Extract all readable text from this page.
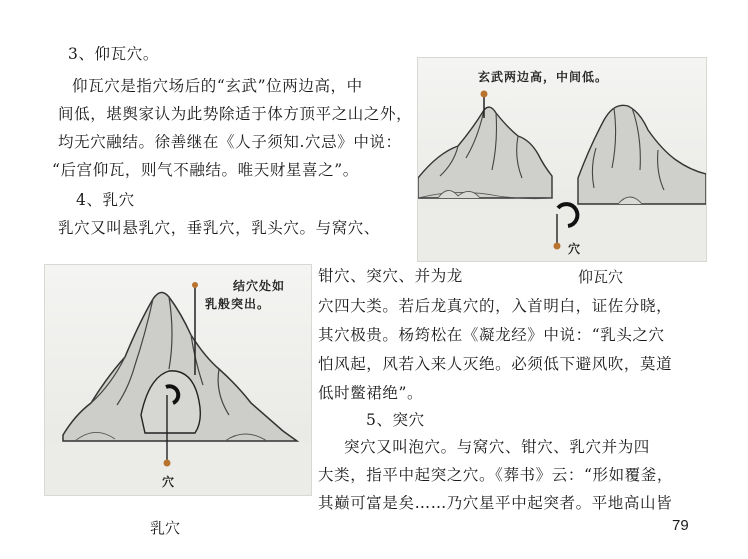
3、仰瓦穴。
仰瓦穴是指穴场后的“玄武”位两边高，中
间低，堪舆家认为此势除适于体方顶平之山之外，
均无穴融结。徐善继在《人子须知.穴忌》中说：
“后宫仰瓦，则气不融结。唯天财星喜之”。
4、乳穴
乳穴又叫悬乳穴，垂乳穴，乳头穴。与窝穴、
钳穴、突穴、并为龙
穴四大类。若后龙真穴的，入首明白，证佐分晓，
其穴极贵。杨筠松在《凝龙经》中说：“乳头之穴
怕风起，风若入来人灭绝。必须低下避风吹，莫道
低时鳖裙绝”。
5、突穴
突穴又叫泡穴。与窝穴、钳穴、乳穴并为四
大类，指平中起突之穴。《葬书》云：“形如覆釜，
其巅可富是矣……乃穴星平中起突者。平地高山皆
玄武两边高，中间低。
穴
仰瓦穴
结穴处如
乳般突出。
穴
乳穴	79
